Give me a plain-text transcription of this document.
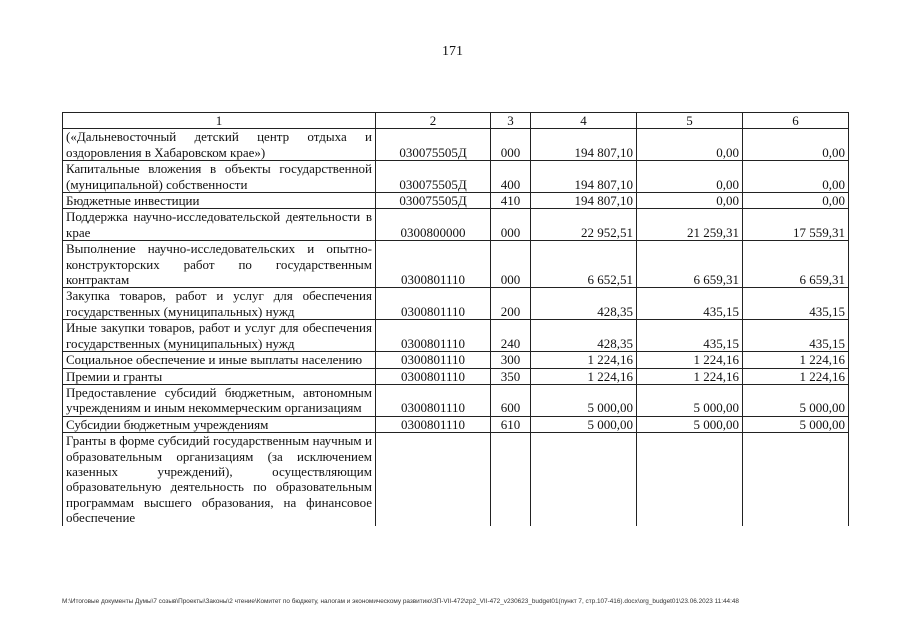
171
1	2	3	4	5	6
(«Дальневосточный детский центр отдыха и оздоровления в Хабаровском крае»)	030075505Д	000	194 807,10	0,00	0,00
Капитальные вложения в объекты государственной (муниципальной) собственности	030075505Д	400	194 807,10	0,00	0,00
Бюджетные инвестиции	030075505Д	410	194 807,10	0,00	0,00
Поддержка научно-исследовательской деятельности в крае	0300800000	000	22 952,51	21 259,31	17 559,31
Выполнение научно-исследовательских и опытно-конструкторских работ по государственным контрактам	0300801110	000	6 652,51	6 659,31	6 659,31
Закупка товаров, работ и услуг для обеспечения государственных (муниципальных) нужд	0300801110	200	428,35	435,15	435,15
Иные закупки товаров, работ и услуг для обеспечения государственных (муниципальных) нужд	0300801110	240	428,35	435,15	435,15
Социальное обеспечение и иные выплаты населению	0300801110	300	1 224,16	1 224,16	1 224,16
Премии и гранты	0300801110	350	1 224,16	1 224,16	1 224,16
Предоставление субсидий бюджетным, автономным учреждениям и иным некоммерческим организациям	0300801110	600	5 000,00	5 000,00	5 000,00
Субсидии бюджетным учреждениям	0300801110	610	5 000,00	5 000,00	5 000,00
Гранты в форме субсидий государственным научным и образовательным организациям (за исключением казенных учреждений), осуществляющим образовательную деятельность по образовательным программам высшего образования, на финансовое обеспечение					
M:\Итоговые документы Думы\7 созыв\Проекты\Законы\2 чтение\Комитет по бюджету, налогам и экономическому развитию\ЗП-VII-472\zp2_VII-472_v230623_budget01(пункт 7, стр.107-416).docx\org_budget01\23.06.2023 11:44:48
